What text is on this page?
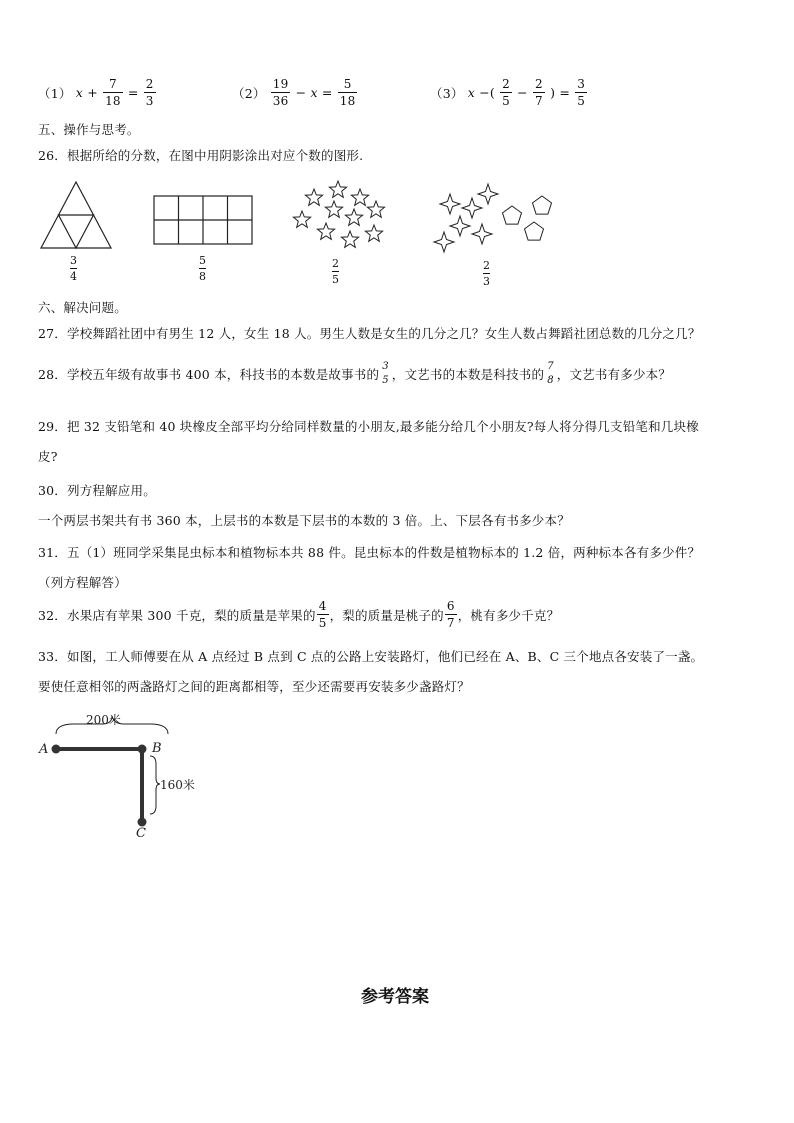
（1） $x + \frac{7}{18} = \frac{2}{3}$	$(2) \frac{19}{36} - x = \frac{5}{18}$	（3） x −( $\frac{2}{5} - \frac{2}{7}$ ) = $\frac{3}{5}$
五、操作与思考。
26．根据所给的分数，在图中用阴影涂出对应个数的图形.
3
4
5
8
2
5
2
3
六、解决问题。
27．学校舞蹈社团中有男生 12 人，女生 18 人。男生人数是女生的几分之几？女生人数占舞蹈社团总数的几分之几？
28．学校五年级有故事书 400 本，科技书的本数是故事书的
3
5 ，文艺书的本数是科技书的
7
8 ，文艺书有多少本？
29．把 32 支铅笔和 40 块橡皮全部平均分给同样数量的小朋友,最多能分给几个小朋友?每人将分得几支铅笔和几块橡
皮?
30．列方程解应用。
一个两层书架共有书 360 本，上层书的本数是下层书的本数的 3 倍。上、下层各有书多少本？
31．五（1）班同学采集昆虫标本和植物标本共 88 件。昆虫标本的件数是植物标本的 1.2 倍，两种标本各有多少件？
（列方程解答）
32．水果店有苹果 300 千克，梨的质量是苹果的 $\frac{4}{5}$ ，梨的质量是桃子的 $\frac{6}{7}$ ，桃有多少千克？
33．如图，工人师傅要在从 A 点经过 B 点到 C 点的公路上安装路灯，他们已经在 A、B、C 三个地点各安装了一盏。
要使任意相邻的两盏路灯之间的距离都相等，至少还需要再安装多少盏路灯？
200米
160米
A	B
C
参考答案
